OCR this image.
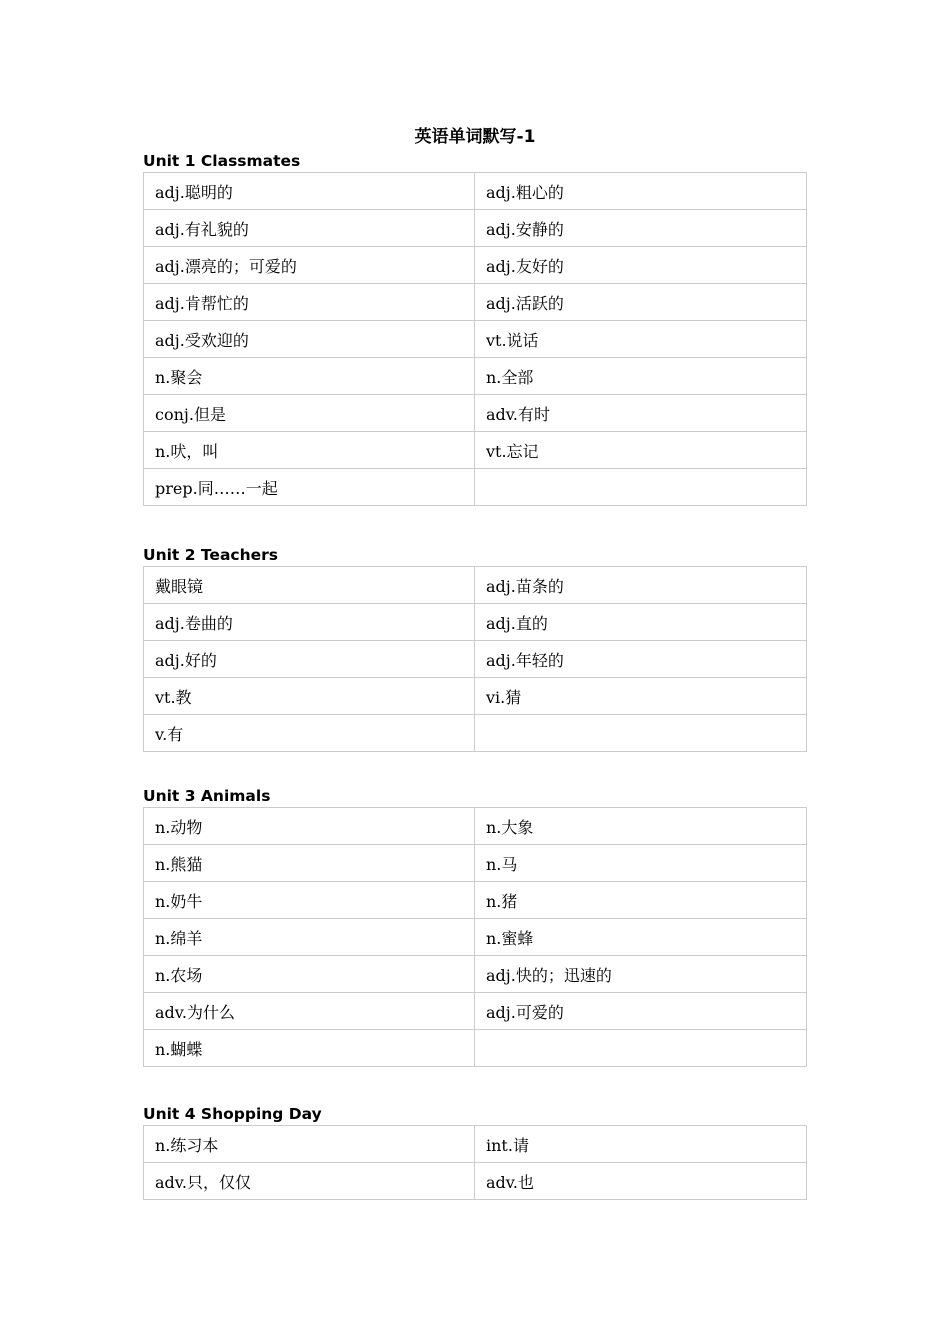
英语单词默写-1
Unit 1 Classmates
adj.聪明的	adj.粗心的
adj.有礼貌的	adj.安静的
adj.漂亮的；可爱的	adj.友好的
adj.肯帮忙的	adj.活跃的
adj.受欢迎的	vt.说话
n.聚会	n.全部
conj.但是	adv.有时
n.吠，叫	vt.忘记
prep.同……一起	
Unit 2 Teachers
戴眼镜	adj.苗条的
adj.卷曲的	adj.直的
adj.好的	adj.年轻的
vt.教	vi.猜
v.有	
Unit 3 Animals
n.动物	n.大象
n.熊猫	n.马
n.奶牛	n.猪
n.绵羊	n.蜜蜂
n.农场	adj.快的；迅速的
adv.为什么	adj.可爱的
n.蝴蝶	
Unit 4 Shopping Day
n.练习本	int.请
adv.只，仅仅	adv.也
